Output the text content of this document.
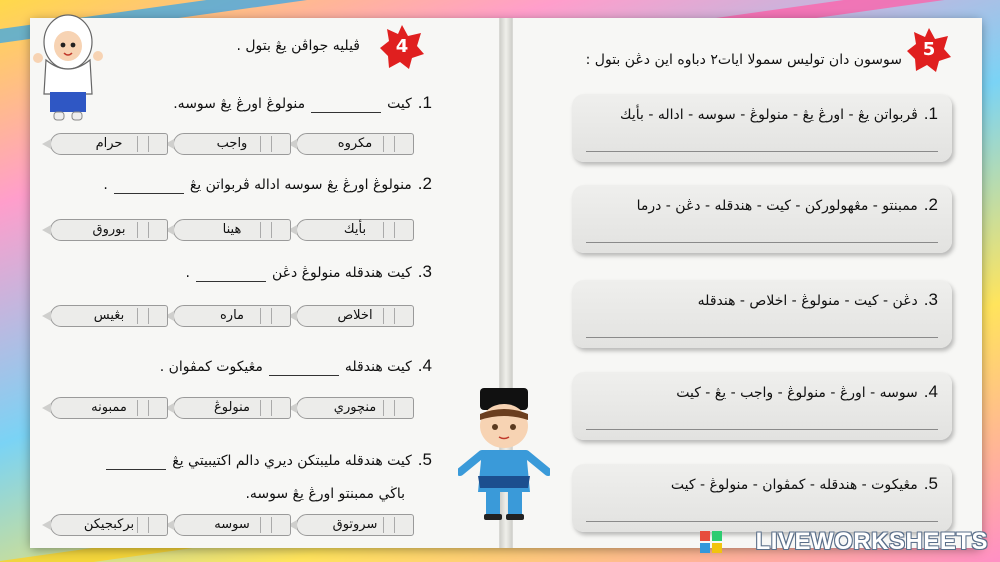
4
ڤيليه جواڤن يڠ بتول .
1.كيتمنولوڠ اورڠ يڠ سوسه.
مكروه
واجب
حرام
2.منولوڠ اورڠ يڠ سوسه اداله ڤربواتن يڠ.
بأيك
هينا
بوروق
3.كيت هندقله منولوڠ دڠن.
اخلاص
ماره
بڠيس
4.كيت هندقلهمڠيكوت كمڤوان .
منچوري
منولوڠ
ممبونه
5.كيت هندقله مليبتكن ديري دالم اکتيبيتي يڠ
باڬي ممبنتو اورڠ يڠ سوسه.
سروتوق
سوسه
بركبجيكن
5
سوسون دان توليس سمولا ايات٢ دباوه اين دڠن بتول :
1.ڤربواتن يڠ - اورڠ يڠ - منولوڠ - سوسه - اداله - بأيك
2.ممبنتو - مڠهولوركن - كيت - هندقله - دڠن - درما
3.دڠن - كيت - منولوڠ - اخلاص - هندقله
4.سوسه - اورڠ - منولوڠ - واجب - يڠ - كيت
5.مڠيكوت - هندقله - كمڤوان - منولوڠ - كيت
LIVEWORKSHEETS
